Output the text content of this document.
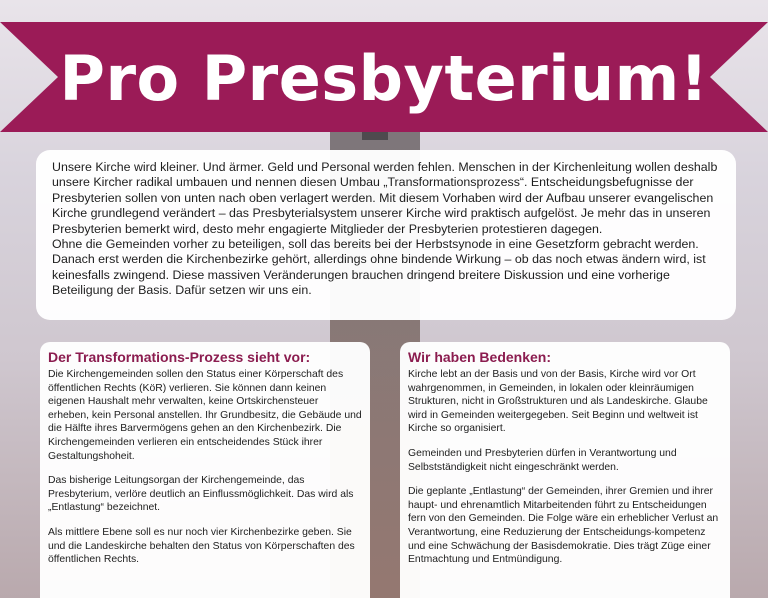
Pro Presbyterium!

Unsere Kirche wird kleiner. Und ärmer. Geld und Personal werden fehlen. Menschen in der Kirchenleitung wollen deshalb unsere Kircher radikal umbauen und nennen diesen Umbau „Transformationsprozess“. Entscheidungsbefugnisse der Presbyterien sollen von unten nach oben verlagert werden. Mit diesem Vorhaben wird der Aufbau unserer evangelischen Kirche grundlegend verändert – das Presbyterialsystem unserer Kirche wird praktisch aufgelöst. Je mehr das in unseren Presbyterien bemerkt wird, desto mehr engagierte Mitglieder der Presbyterien protestieren dagegen.

Ohne die Gemeinden vorher zu beteiligen, soll das bereits bei der Herbstsynode in eine Gesetzform gebracht werden. Danach erst werden die Kirchenbezirke gehört, allerdings ohne bindende Wirkung – ob das noch etwas ändern wird, ist keinesfalls zwingend. Diese massiven Veränderungen brauchen dringend breitere Diskussion und eine vorherige Beteiligung der Basis. Dafür setzen wir uns ein.

Der Transformations-Prozess sieht vor:

Die Kirchengemeinden sollen den Status einer Körperschaft des öffentlichen Rechts (KöR) verlieren. Sie können dann keinen eigenen Haushalt mehr verwalten, keine Ortskirchensteuer erheben, kein Personal anstellen. Ihr Grundbesitz, die Gebäude und die Hälfte ihres Barvermögens gehen an den Kirchenbezirk. Die Kirchengemeinden verlieren ein entscheidendes Stück ihrer Gestaltungshoheit.

Das bisherige Leitungsorgan der Kirchengemeinde, das Presbyterium, verlöre deutlich an Einflussmöglichkeit. Das wird als „Entlastung“ bezeichnet.

Als mittlere Ebene soll es nur noch vier Kirchenbezirke geben. Sie und die Landeskirche behalten den Status von Körperschaften des öffentlichen Rechts.

Wir haben Bedenken:

Kirche lebt an der Basis und von der Basis, Kirche wird vor Ort wahrgenommen, in Gemeinden, in lokalen oder kleinräumigen Strukturen, nicht in Großstrukturen und als Landeskirche. Glaube wird in Gemeinden weitergegeben. Seit Beginn und weltweit ist Kirche so organisiert.

Gemeinden und Presbyterien dürfen in Verantwortung und Selbstständigkeit nicht eingeschränkt werden.

Die geplante „Entlastung“ der Gemeinden, ihrer Gremien und ihrer haupt- und ehrenamtlich Mitarbeitenden führt zu Entscheidungen fern von den Gemeinden. Die Folge wäre ein erheblicher Verlust an Verantwortung, eine Reduzierung der Entscheidungs-kompetenz und eine Schwächung der Basisdemokratie. Dies trägt Züge einer Entmachtung und Entmündigung.
